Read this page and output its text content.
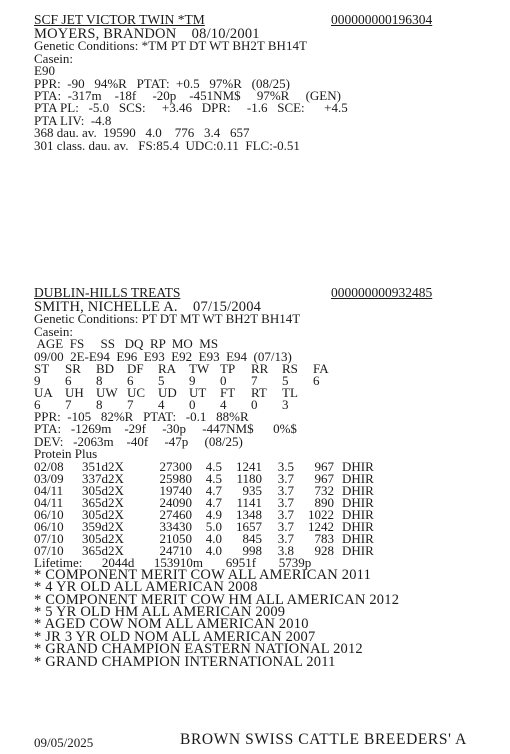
SCF JET VICTOR TWIN *TM	000000000196304
MOYERS, BRANDON    08/10/2001
Genetic Conditions: *TM PT DT WT BH2T BH14T
Casein:
E90
PPR:  -90   94%R   PTAT:  +0.5   97%R   (08/25)
PTA:  -317m    -18f     -20p    -451NM$     97%R     (GEN)
PTA PL:   -5.0   SCS:     +3.46   DPR:     -1.6   SCE:      +4.5
PTA LIV:  -4.8
368 dau. av.  19590   4.0    776   3.4   657
301 class. dau. av.   FS:85.4  UDC:0.11  FLC:-0.51
DUBLIN-HILLS TREATS	000000000932485
SMITH, NICHELLE A.    07/15/2004
Genetic Conditions: PT DT MT WT BH2T BH14T
Casein:
AGE  FS     SS   DQ  RP  MO  MS
09/00  2E-E94  E96  E93  E92  E93  E94  (07/13)
ST	SR	BD	DF	RA	TW	TP	RR	RS	FA
9	6	8	6	5	9	0	7	5	6
UA	UH	UW	UC	UD	UT	FT	RT	TL	
6	7	8	7	4	0	4	0	3	
PPR:  -105   82%R   PTAT:   -0.1   88%R
PTA:   -1269m    -29f     -30p     -447NM$      0%$
DEV:   -2063m    -40f     -47p     (08/25)
Protein Plus
02/08	351d	2X	27300	4.5	1241	3.5	967	DHIR
03/09	337d	2X	25980	4.5	1180	3.7	967	DHIR
04/11	305d	2X	19740	4.7	935	3.7	732	DHIR
04/11	365d	2X	24090	4.7	1141	3.7	890	DHIR
06/10	305d	2X	27460	4.9	1348	3.7	1022	DHIR
06/10	359d	2X	33430	5.0	1657	3.7	1242	DHIR
07/10	305d	2X	21050	4.0	845	3.7	783	DHIR
07/10	365d	2X	24710	4.0	998	3.8	928	DHIR
Lifetime:      2044d      153910m       6951f       5739p
* COMPONENT MERIT COW ALL AMERICAN 2011
* 4 YR OLD ALL AMERICAN 2008
* COMPONENT MERIT COW HM ALL AMERICAN 2012
* 5 YR OLD HM ALL AMERICAN 2009
* AGED COW NOM ALL AMERICAN 2010
* JR 3 YR OLD NOM ALL AMERICAN 2007
* GRAND CHAMPION EASTERN NATIONAL 2012
* GRAND CHAMPION INTERNATIONAL 2011
09/05/2025	BROWN SWISS CATTLE BREEDERS' A
